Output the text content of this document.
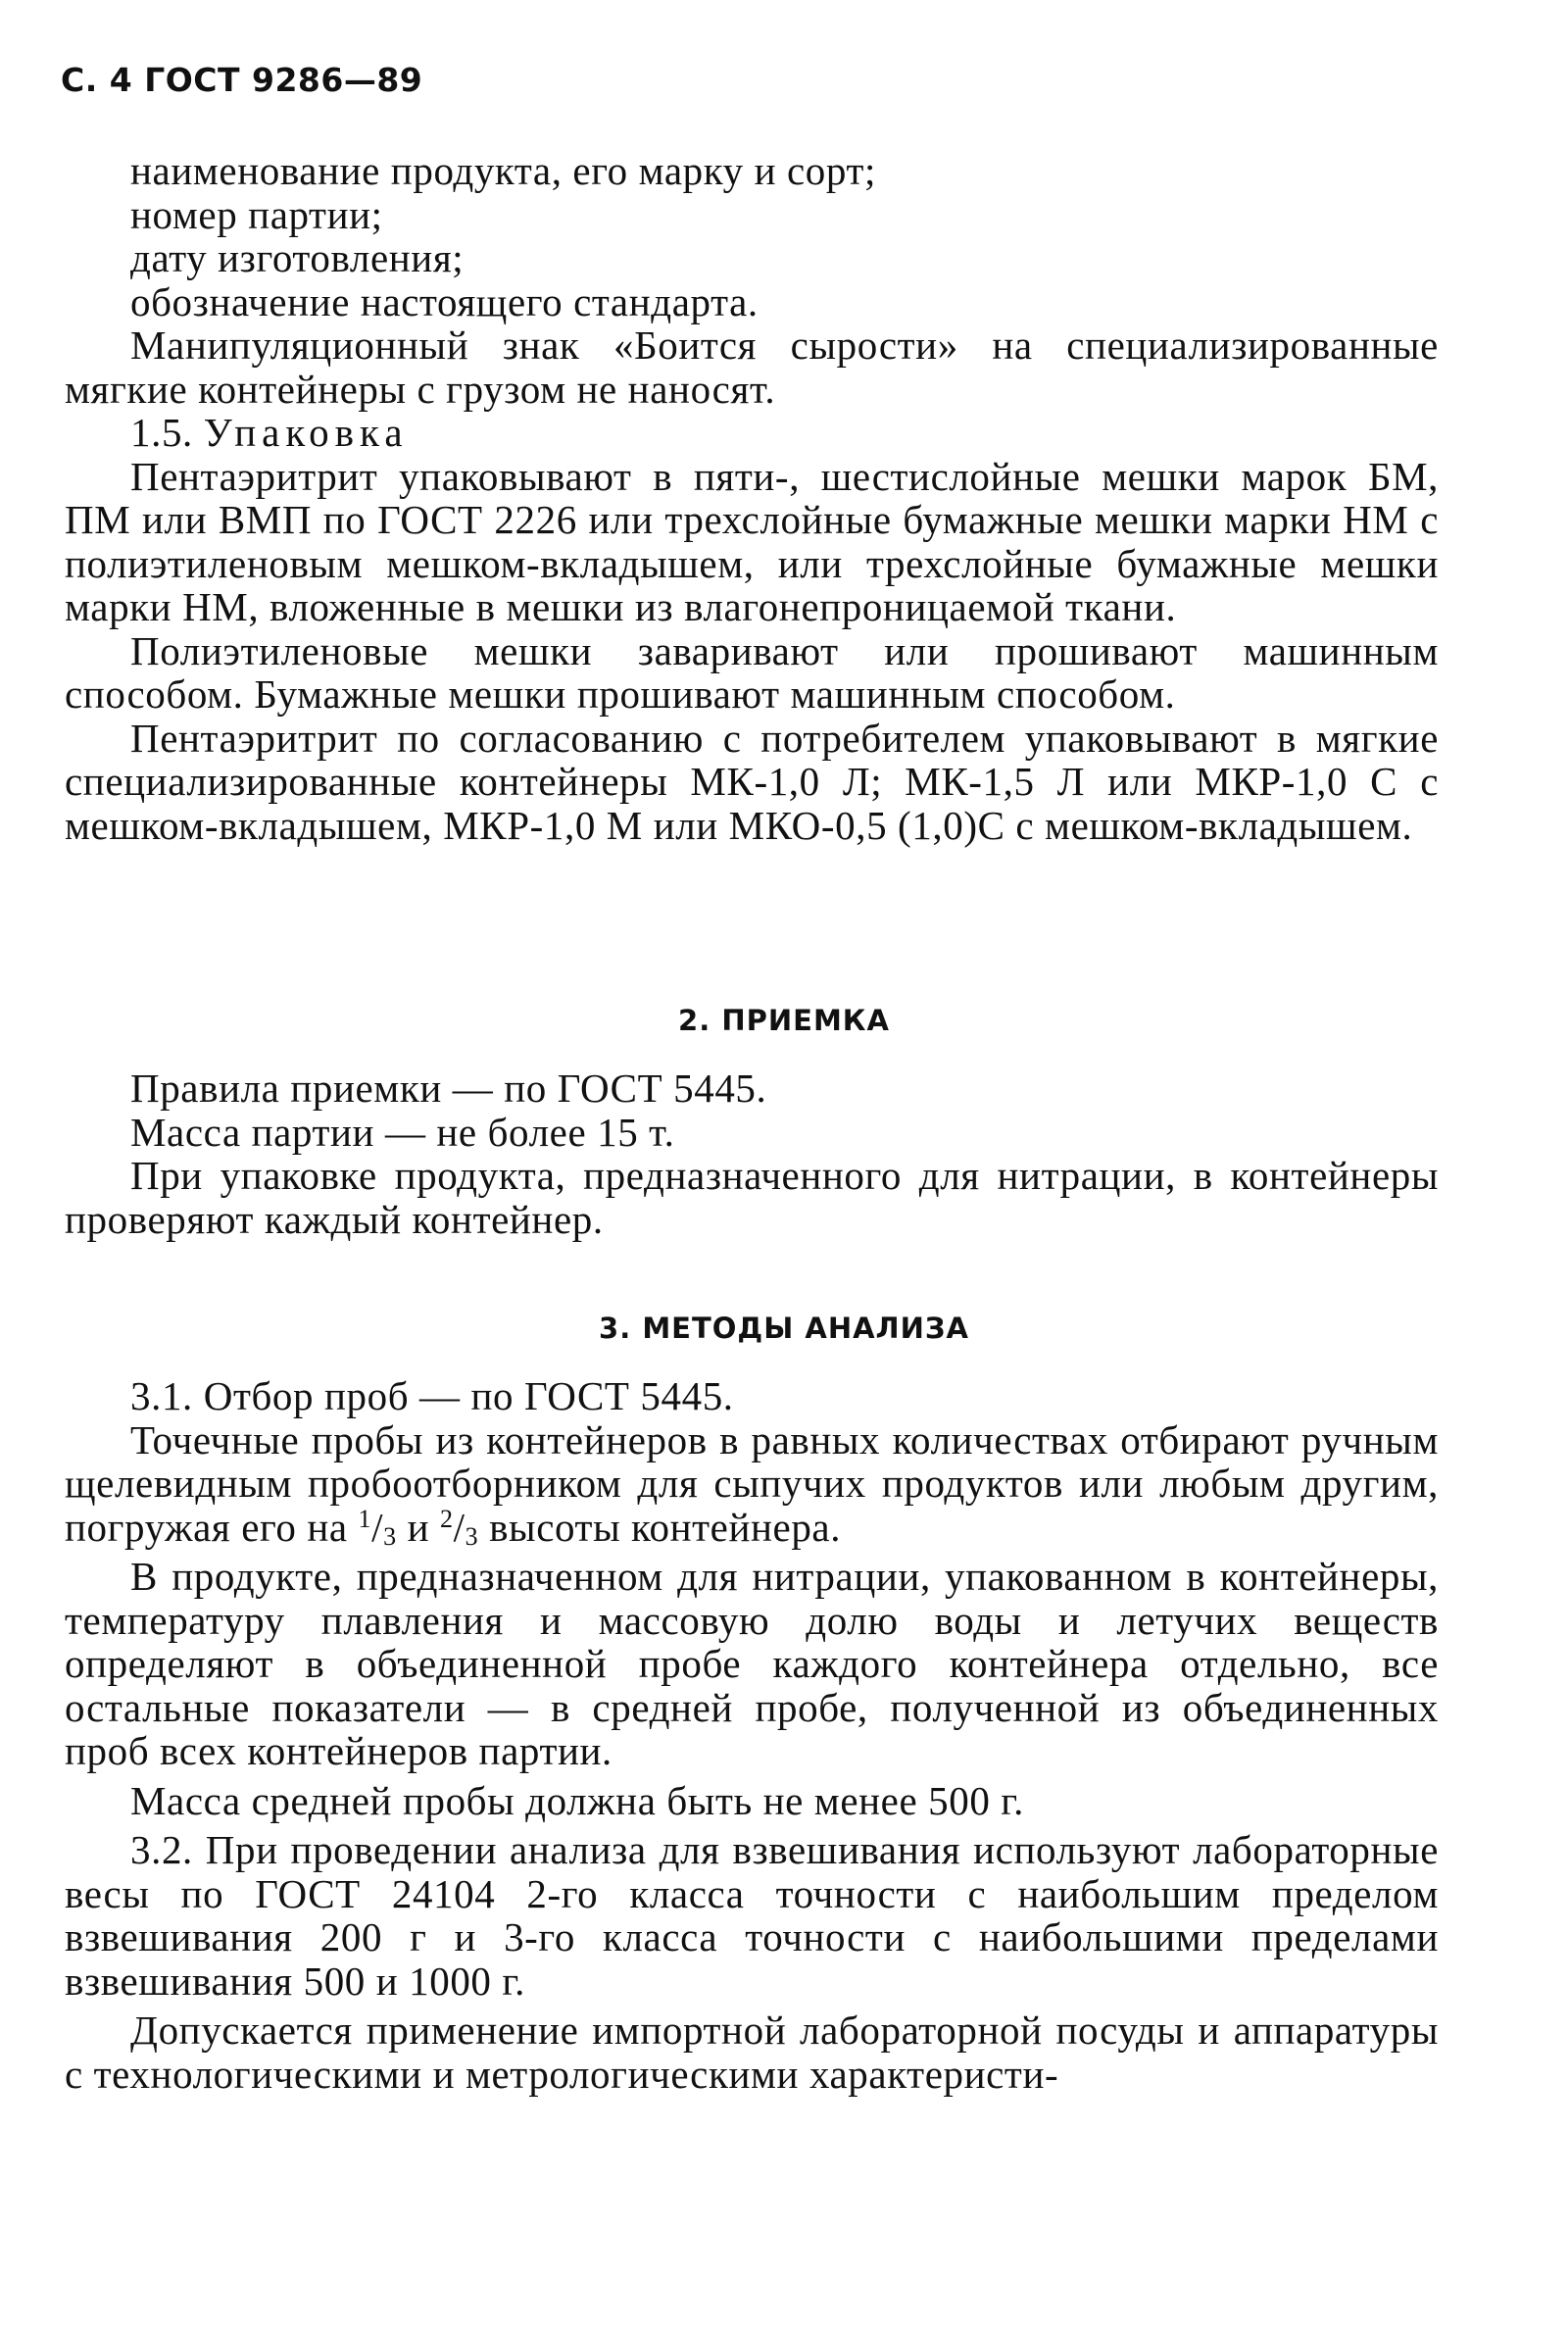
С. 4 ГОСТ 9286—89

наименование продукта, его марку и сорт;

номер партии;

дату изготовления;

обозначение настоящего стандарта.

Манипуляционный знак «Боится сырости» на специализированные мягкие контейнеры с грузом не наносят.

1.5. Упаковка

Пентаэритрит упаковывают в пяти-, шестислойные мешки марок БМ, ПМ или ВМП по ГОСТ 2226 или трехслойные бумажные мешки марки НМ с полиэтиленовым мешком-вкладышем, или трехслойные бумажные мешки марки НМ, вложенные в мешки из влагонепроницаемой ткани.

Полиэтиленовые мешки заваривают или прошивают машинным способом. Бумажные мешки прошивают машинным способом.

Пентаэритрит по согласованию с потребителем упаковывают в мягкие специализированные контейнеры МК-1,0 Л; МК-1,5 Л или МКР-1,0 С с мешком-вкладышем, МКР-1,0 М или МКО-0,5 (1,0)С с мешком-вкладышем.

2. ПРИЕМКА

Правила приемки — по ГОСТ 5445.

Масса партии — не более 15 т.

При упаковке продукта, предназначенного для нитрации, в контейнеры проверяют каждый контейнер.

3. МЕТОДЫ АНАЛИЗА

3.1. Отбор проб — по ГОСТ 5445.

Точечные пробы из контейнеров в равных количествах отбирают ручным щелевидным пробоотборником для сыпучих продуктов или любым другим, погружая его на $^1/_3$ и $^2/_3$ высоты контейнера.

В продукте, предназначенном для нитрации, упакованном в контейнеры, температуру плавления и массовую долю воды и летучих веществ определяют в объединенной пробе каждого контейнера отдельно, все остальные показатели — в средней пробе, полученной из объединенных проб всех контейнеров партии.

Масса средней пробы должна быть не менее 500 г.

3.2. При проведении анализа для взвешивания используют лабораторные весы по ГОСТ 24104 2-го класса точности с наибольшим пределом взвешивания 200 г и 3-го класса точности с наибольшими пределами взвешивания 500 и 1000 г.

Допускается применение импортной лабораторной посуды и аппаратуры с технологическими и метрологическими характеристи-
